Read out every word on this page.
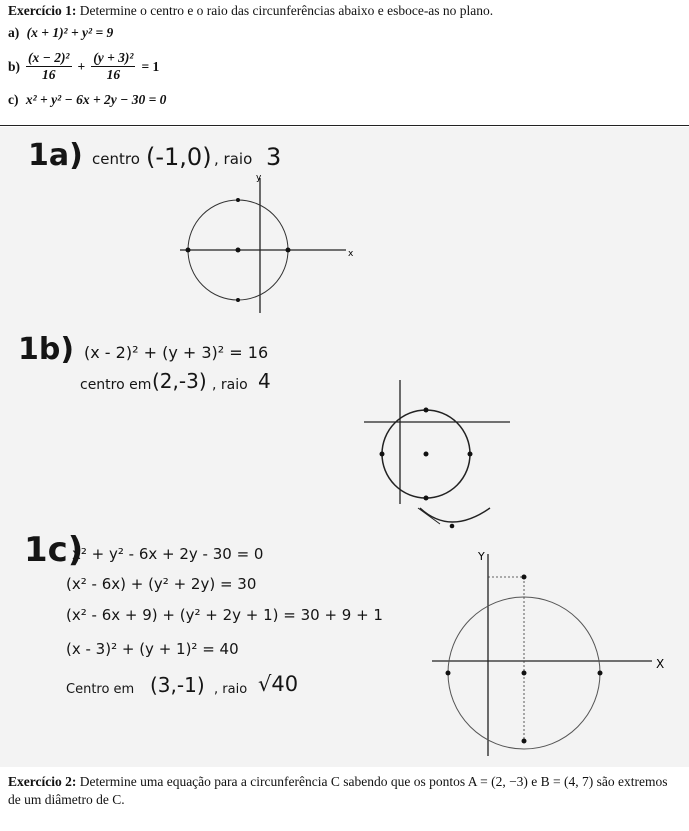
Exercício 1: Determine o centro e o raio das circunferências abaixo e esboce-as no plano.
a) (x + 1)² + y² = 9
b)
(x − 2)²
16
+ $\frac{\text{(y + 3)²}}{16} = 1$
c) x² + y² − 6x + 2y − 30 = 0
1a) centro (-1,0) , raio 3
y
x
1b) (x - 2)² + (y + 3)² = 16
centro em (2,-3) , raio 4
1c)
x² + y² - 6x + 2y - 30 = 0
(x² - 6x) + (y² + 2y) = 30
(x² - 6x + 9) + (y² + 2y + 1) = 30 + 9 + 1
(x - 3)² + (y + 1)² = 40
Centro em (3,-1) , raio √40
Y
X
Exercício 2: Determine uma equação para a circunferência C sabendo que os pontos A = (2, −3) e B = (4, 7) são extremos de um diâmetro de C.
